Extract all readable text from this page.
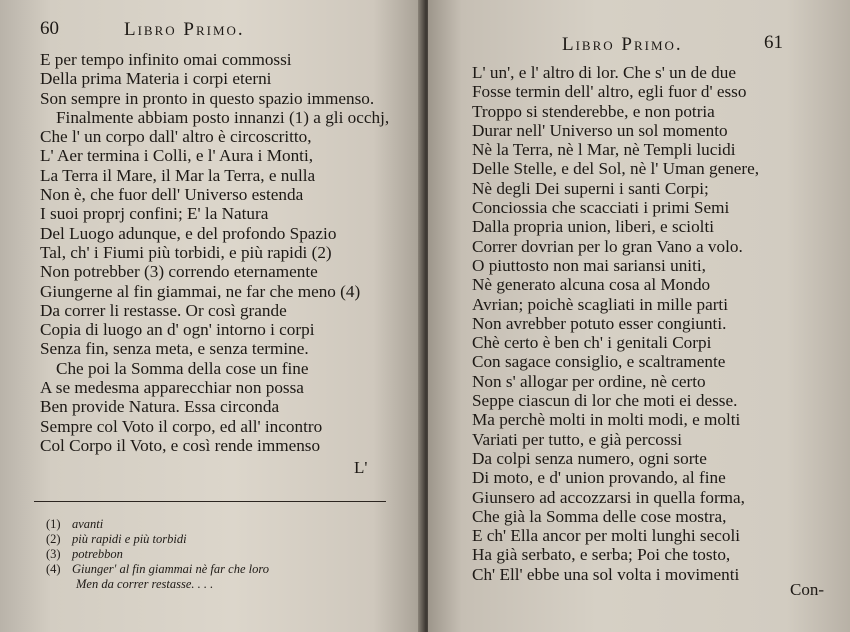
60	Libro Primo.
E per tempo infinito omai commossi
Della prima Materia i corpi eterni
Son sempre in pronto in questo spazio immenso.
Finalmente abbiam posto innanzi (1) a gli occhj,
Che l' un corpo dall' altro è circoscritto,
L' Aer termina i Colli, e l' Aura i Monti,
La Terra il Mare, il Mar la Terra, e nulla
Non è, che fuor dell' Universo estenda
I suoi proprj confini; E' la Natura
Del Luogo adunque, e del profondo Spazio
Tal, ch' i Fiumi più torbidi, e più rapidi (2)
Non potrebber (3) correndo eternamente
Giungerne al fin giammai, ne far che meno (4)
Da correr li restasse. Or così grande
Copia di luogo an d' ogn' intorno i corpi
Senza fin, senza meta, e senza termine.
Che poi la Somma della cose un fine
A se medesma apparecchiar non possa
Ben provide Natura. Essa circonda
Sempre col Voto il corpo, ed all' incontro
Col Corpo il Voto, e così rende immenso
L'
(1) avanti
(2) più rapidi e più torbidi
(3) potrebbon
(4) Giunger' al fin giammai nè far che loro
Men da correr restasse. . . .
Libro Primo.	61
L' un', e l' altro di lor. Che s' un de due
Fosse termin dell' altro, egli fuor d' esso
Troppo si stenderebbe, e non potria
Durar nell' Universo un sol momento
Nè la Terra, nè l Mar, nè Templi lucidi
Delle Stelle, e del Sol, nè l' Uman genere,
Nè degli Dei superni i santi Corpi;
Conciossia che scacciati i primi Semi
Dalla propria union, liberi, e sciolti
Correr dovrian per lo gran Vano a volo.
O piuttosto non mai sariansi uniti,
Nè generato alcuna cosa al Mondo
Avrian; poichè scagliati in mille parti
Non avrebber potuto esser congiunti.
Chè certo è ben ch' i genitali Corpi
Con sagace consiglio, e scaltramente
Non s' allogar per ordine, nè certo
Seppe ciascun di lor che moti ei desse.
Ma perchè molti in molti modi, e molti
Variati per tutto, e già percossi
Da colpi senza numero, ogni sorte
Di moto, e d' union provando, al fine
Giunsero ad accozzarsi in quella forma,
Che già la Somma delle cose mostra,
E ch' Ella ancor per molti lunghi secoli
Ha già serbato, e serba; Poi che tosto,
Ch' Ell' ebbe una sol volta i movimenti
Con-
